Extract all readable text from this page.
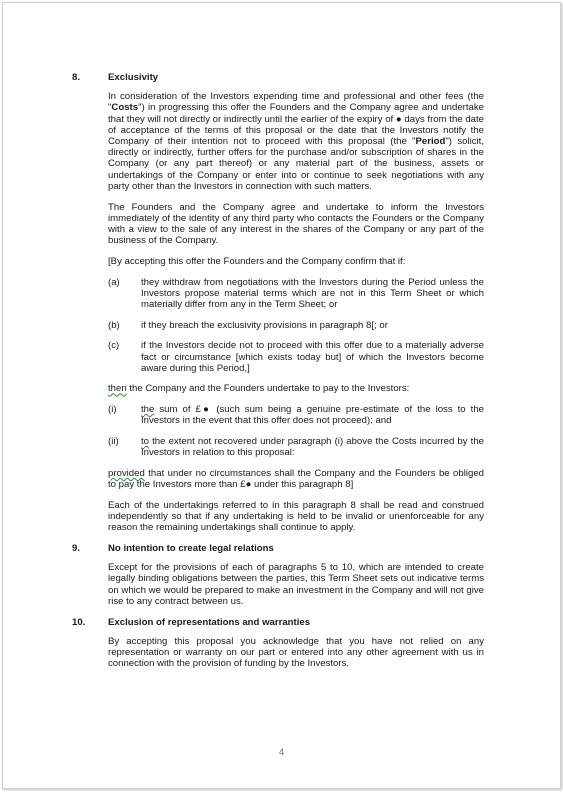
8.	Exclusivity
In consideration of the Investors expending time and professional and other fees (the "Costs") in progressing this offer the Founders and the Company agree and undertake that they will not directly or indirectly until the earlier of the expiry of ● days from the date of acceptance of the terms of this proposal or the date that the Investors notify the Company of their intention not to proceed with this proposal (the "Period") solicit, directly or indirectly, further offers for the purchase and/or subscription of shares in the Company (or any part thereof) or any material part of the business, assets or undertakings of the Company or enter into or continue to seek negotiations with any party other than the Investors in connection with such matters.
The Founders and the Company agree and undertake to inform the Investors immediately of the identity of any third party who contacts the Founders or the Company with a view to the sale of any interest in the shares of the Company or any part of the business of the Company.
[By accepting this offer the Founders and the Company confirm that if:
(a)	they withdraw from negotiations with the Investors during the Period unless the Investors propose material terms which are not in this Term Sheet or which materially differ from any in the Term Sheet; or
(b)	if they breach the exclusivity provisions in paragraph 8[; or
(c)	if the Investors decide not to proceed with this offer due to a materially adverse fact or circumstance [which exists today but] of which the Investors become aware during this Period,]
then the Company and the Founders undertake to pay to the Investors:
(i)	the sum of £● (such sum being a genuine pre-estimate of the loss to the Investors in the event that this offer does not proceed); and
(ii)	to the extent not recovered under paragraph (i) above the Costs incurred by the Investors in relation to this proposal:
provided that under no circumstances shall the Company and the Founders be obliged to pay the Investors more than £● under this paragraph 8]
Each of the undertakings referred to in this paragraph 8 shall be read and construed independently so that if any undertaking is held to be invalid or unenforceable for any reason the remaining undertakings shall continue to apply.
9.	No intention to create legal relations
Except for the provisions of each of paragraphs 5 to 10, which are intended to create legally binding obligations between the parties, this Term Sheet sets out indicative terms on which we would be prepared to make an investment in the Company and will not give rise to any contract between us.
10.	Exclusion of representations and warranties
By accepting this proposal you acknowledge that you have not relied on any representation or warranty on our part or entered into any other agreement with us in connection with the provision of funding by the Investors.
4
